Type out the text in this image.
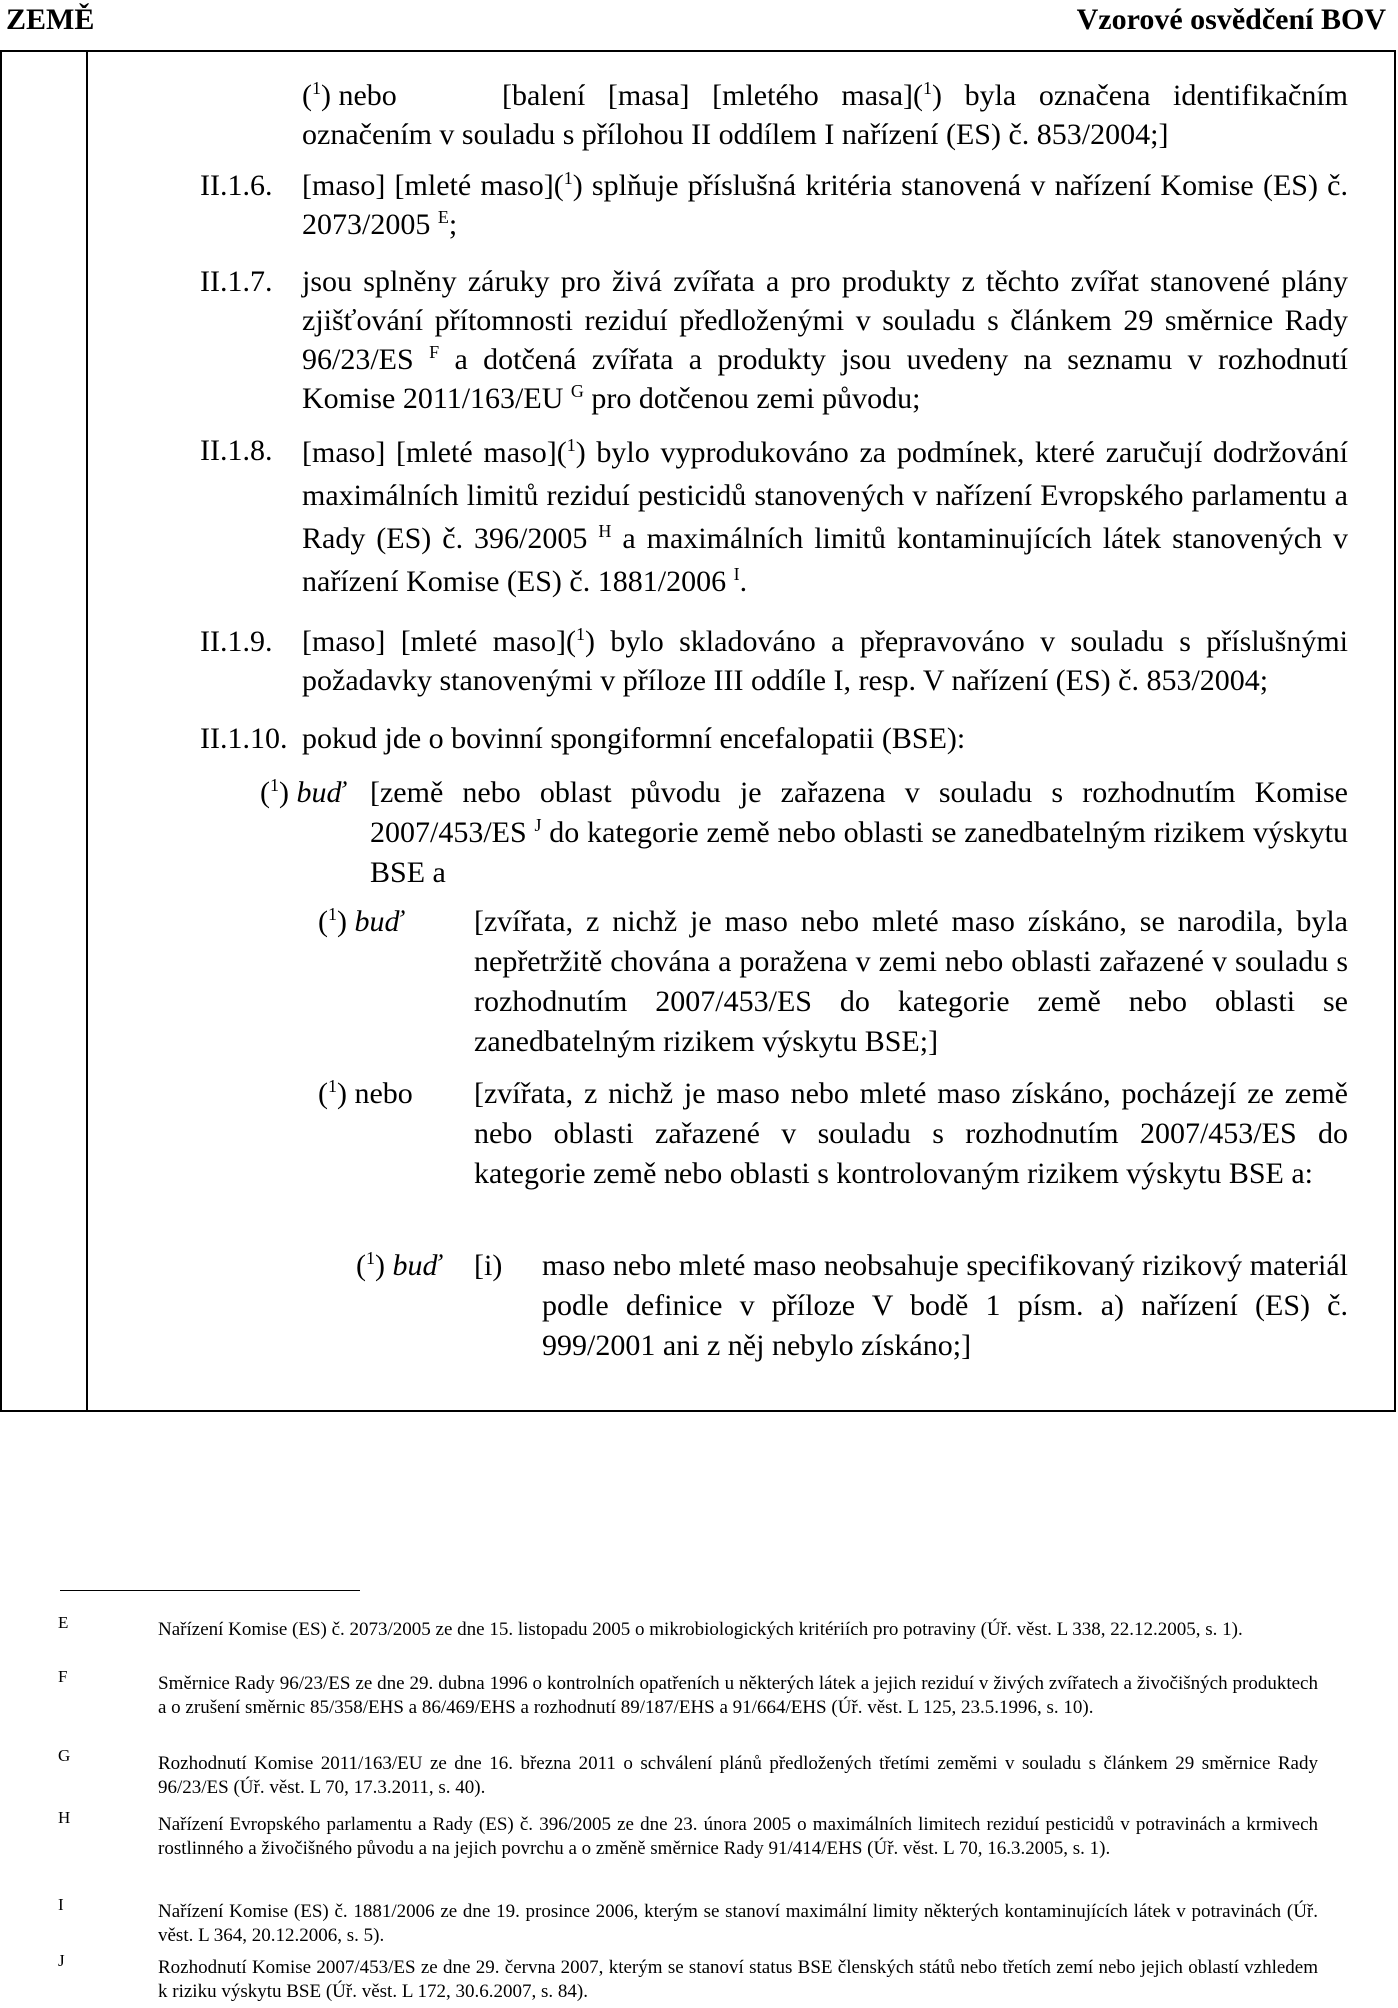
ZEMĚ	Vzorové osvědčení BOV
($^1$) nebo	[balení [masa] [mletého masa]($^1$) byla označena identifikačním označením v souladu s přílohou II oddílem I nařízení (ES) č. 853/2004;]
II.1.6. [maso] [mleté maso]($^1$) splňuje příslušná kritéria stanovená v nařízení Komise (ES) č. 2073/2005 $^E$;
II.1.7. jsou splněny záruky pro živá zvířata a pro produkty z těchto zvířat stanovené plány zjišťování přítomnosti reziduí předloženými v souladu s článkem 29 směrnice Rady 96/23/ES $^F$ a dotčená zvířata a produkty jsou uvedeny na seznamu v rozhodnutí Komise 2011/163/EU $^G$ pro dotčenou zemi původu;
II.1.8. [maso] [mleté maso]($^1$) bylo vyprodukováno za podmínek, které zaručují dodržování maximálních limitů reziduí pesticidů stanovených v nařízení Evropského parlamentu a Rady (ES) č. 396/2005 $^H$ a maximálních limitů kontaminujících látek stanovených v nařízení Komise (ES) č. 1881/2006 $^I$.
II.1.9. [maso] [mleté maso]($^1$) bylo skladováno a přepravováno v souladu s příslušnými požadavky stanovenými v příloze III oddíle I, resp. V nařízení (ES) č. 853/2004;
II.1.10. pokud jde o bovinní spongiformní encefalopatii (BSE):
($^1$) buď [země nebo oblast původu je zařazena v souladu s rozhodnutím Komise 2007/453/ES $^J$ do kategorie země nebo oblasti se zanedbatelným rizikem výskytu BSE a
($^1$) buď [zvířata, z nichž je maso nebo mleté maso získáno, se narodila, byla nepřetržitě chována a poražena v zemi nebo oblasti zařazené v souladu s rozhodnutím 2007/453/ES do kategorie země nebo oblasti se zanedbatelným rizikem výskytu BSE;]
($^1$) nebo [zvířata, z nichž je maso nebo mleté maso získáno, pocházejí ze země nebo oblasti zařazené v souladu s rozhodnutím 2007/453/ES do kategorie země nebo oblasti s kontrolovaným rizikem výskytu BSE a:
($^1$) buď [i) maso nebo mleté maso neobsahuje specifikovaný rizikový materiál podle definice v příloze V bodě 1 písm. a) nařízení (ES) č. 999/2001 ani z něj nebylo získáno;]
E	Nařízení Komise (ES) č. 2073/2005 ze dne 15. listopadu 2005 o mikrobiologických kritériích pro potraviny (Úř. věst. L 338, 22.12.2005, s. 1).
F	Směrnice Rady 96/23/ES ze dne 29. dubna 1996 o kontrolních opatřeních u některých látek a jejich reziduí v živých zvířatech a živočišných produktech a o zrušení směrnic 85/358/EHS a 86/469/EHS a rozhodnutí 89/187/EHS a 91/664/EHS (Úř. věst. L 125, 23.5.1996, s. 10).
G	Rozhodnutí Komise 2011/163/EU ze dne 16. března 2011 o schválení plánů předložených třetími zeměmi v souladu s článkem 29 směrnice Rady 96/23/ES (Úř. věst. L 70, 17.3.2011, s. 40).
H	Nařízení Evropského parlamentu a Rady (ES) č. 396/2005 ze dne 23. února 2005 o maximálních limitech reziduí pesticidů v potravinách a krmivech rostlinného a živočišného původu a na jejich povrchu a o změně směrnice Rady 91/414/EHS (Úř. věst. L 70, 16.3.2005, s. 1).
I	Nařízení Komise (ES) č. 1881/2006 ze dne 19. prosince 2006, kterým se stanoví maximální limity některých kontaminujících látek v potravinách (Úř. věst. L 364, 20.12.2006, s. 5).
J	Rozhodnutí Komise 2007/453/ES ze dne 29. června 2007, kterým se stanoví status BSE členských států nebo třetích zemí nebo jejich oblastí vzhledem k riziku výskytu BSE (Úř. věst. L 172, 30.6.2007, s. 84).
